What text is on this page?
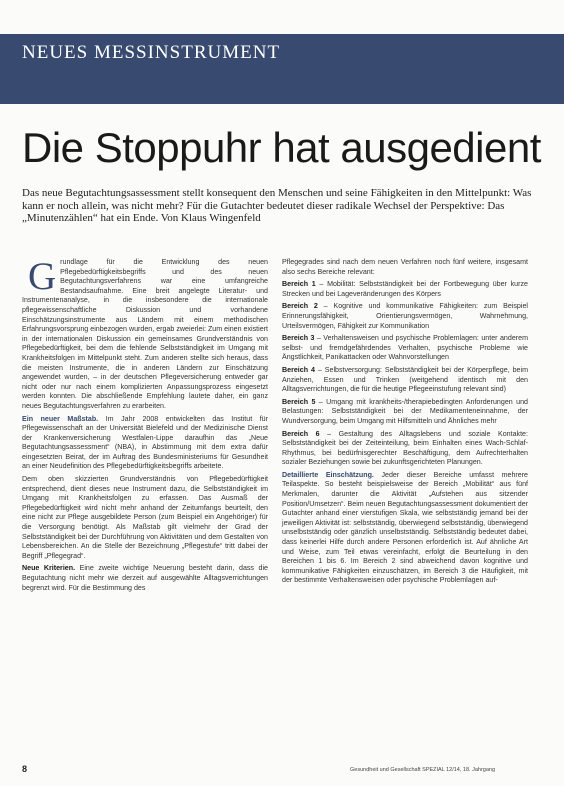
NEUES MESSINSTRUMENT
Die Stoppuhr hat ausgedient
Das neue Begutachtungsassessment stellt konsequent den Menschen und seine Fähigkeiten in den Mittelpunkt: Was kann er noch allein, was nicht mehr? Für die Gutachter bedeutet dieser radikale Wechsel der Perspektive: Das „Minutenzählen“ hat ein Ende. Von Klaus Wingenfeld

Grundlage für die Entwicklung des neuen Pflegebedürftigkeitsbegriffs und des neuen Begutachtungsverfahrens war eine umfangreiche Bestandsaufnahme. Eine breit angelegte Literatur- und Instrumentenanalyse, in die insbesondere die internationale pflegewissenschaftliche Diskussion und vorhandene Einschätzungsinstrumente aus Ländern mit einem methodischen Erfahrungsvorsprung einbezogen wurden, ergab zweierlei: Zum einen existiert in der internationalen Diskussion ein gemeinsames Grundverständnis von Pflegebedürftigkeit, bei dem die fehlende Selbstständigkeit im Umgang mit Krankheitsfolgen im Mittelpunkt steht. Zum anderen stellte sich heraus, dass die meisten Instrumente, die in anderen Ländern zur Einschätzung angewendet wurden, – in der deutschen Pflegeversicherung entweder gar nicht oder nur nach einem komplizierten Anpassungsprozess eingesetzt werden konnten. Die abschließende Empfehlung lautete daher, ein ganz neues Begutachtungsverfahren zu erarbeiten.

Ein neuer Maßstab. Im Jahr 2008 entwickelten das Institut für Pflegewissenschaft an der Universität Bielefeld und der Medizinische Dienst der Krankenversicherung Westfalen-Lippe daraufhin das „Neue Begutachtungsassessment“ (NBA), in Abstimmung mit dem extra dafür eingesetzten Beirat, der im Auftrag des Bundesministeriums für Gesundheit an einer Neudefinition des Pflegebedürftigkeitsbegriffs arbeitete.

Dem oben skizzierten Grundverständnis von Pflegebedürftigkeit entsprechend, dient dieses neue Instrument dazu, die Selbstständigkeit im Umgang mit Krankheitsfolgen zu erfassen. Das Ausmaß der Pflegebedürftigkeit wird nicht mehr anhand der Zeitumfangs beurteilt, den eine nicht zur Pflege ausgebildete Person (zum Beispiel ein Angehöriger) für die Versorgung benötigt. Als Maßstab gilt vielmehr der Grad der Selbstständigkeit bei der Durchführung von Aktivitäten und dem Gestalten von Lebensbereichen. An die Stelle der Bezeichnung „Pflegestufe“ tritt dabei der Begriff „Pflegegrad“.

Neue Kriterien. Eine zweite wichtige Neuerung besteht darin, dass die Begutachtung nicht mehr wie derzeit auf ausgewählte Alltagsverrichtungen begrenzt wird. Für die Bestimmung des

Pflegegrades sind nach dem neuen Verfahren noch fünf weitere, insgesamt also sechs Bereiche relevant:

Bereich 1 – Mobilität: Selbstständigkeit bei der Fortbewegung über kurze Strecken und bei Lageveränderungen des Körpers

Bereich 2 – Kognitive und kommunikative Fähigkeiten: zum Beispiel Erinnerungsfähigkeit, Orientierungsvermögen, Wahrnehmung, Urteilsvermögen, Fähigkeit zur Kommunikation

Bereich 3 – Verhaltensweisen und psychische Problemlagen: unter anderem selbst- und fremdgefährdendes Verhalten, psychische Probleme wie Ängstlichkeit, Panikattacken oder Wahnvorstellungen

Bereich 4 – Selbstversorgung: Selbstständigkeit bei der Körperpflege, beim Anziehen, Essen und Trinken (weitgehend identisch mit den Alltagsverrichtungen, die für die heutige Pflegeeinstufung relevant sind)

Bereich 5 – Umgang mit krankheits-/therapiebedingten Anforderungen und Belastungen: Selbstständigkeit bei der Medikamenteneinnahme, der Wundversorgung, beim Umgang mit Hilfsmitteln und Ähnliches mehr

Bereich 6 – Gestaltung des Alltagslebens und soziale Kontakte: Selbstständigkeit bei der Zeiteinteilung, beim Einhalten eines Wach-Schlaf-Rhythmus, bei bedürfnisgerechter Beschäftigung, dem Aufrechterhalten sozialer Beziehungen sowie bei zukunftsgerichteten Planungen.

Detaillierte Einschätzung. Jeder dieser Bereiche umfasst mehrere Teilaspekte. So besteht beispielsweise der Bereich „Mobilität“ aus fünf Merkmalen, darunter die Aktivität „Aufstehen aus sitzender Position/Umsetzen“. Beim neuen Begutachtungsassessment dokumentiert der Gutachter anhand einer vierstufigen Skala, wie selbstständig jemand bei der jeweiligen Aktivität ist: selbstständig, überwiegend selbstständig, überwiegend unselbstständig oder gänzlich unselbstständig. Selbstständig bedeutet dabei, dass keinerlei Hilfe durch andere Personen erforderlich ist. Auf ähnliche Art und Weise, zum Teil etwas vereinfacht, erfolgt die Beurteilung in den Bereichen 1 bis 6. Im Bereich 2 sind abweichend davon kognitive und kommunikative Fähigkeiten einzuschätzen, im Bereich 3 die Häufigkeit, mit der bestimmte Verhaltensweisen oder psychische Problemlagen auf-

8	Gesundheit und Gesellschaft SPEZIAL 12/14, 18. Jahrgang
